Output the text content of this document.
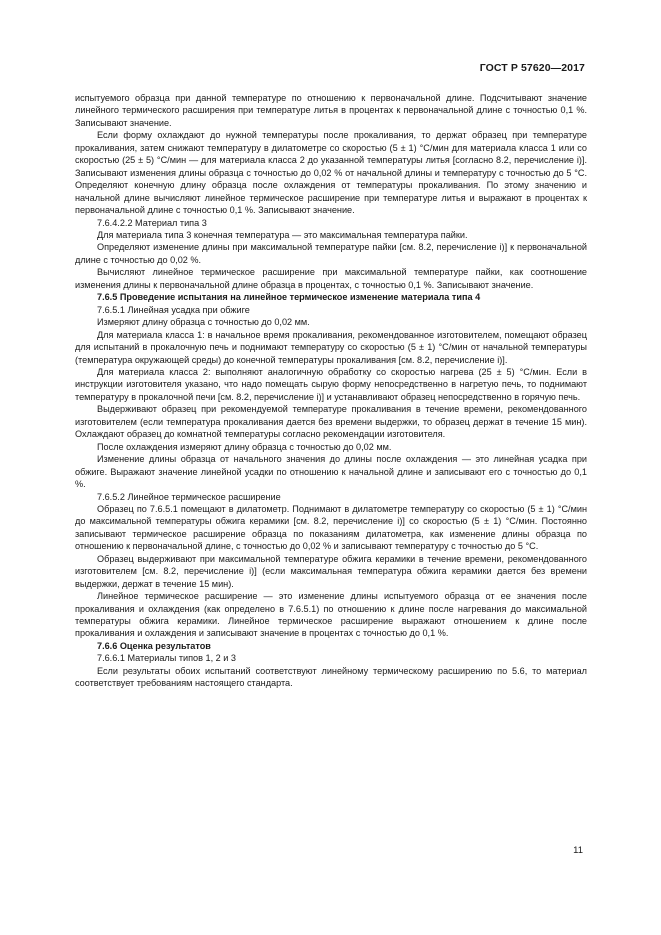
ГОСТ Р 57620—2017

испытуемого образца при данной температуре по отношению к первоначальной длине. Подсчитывают значение линейного термического расширения при температуре литья в процентах к первоначальной длине с точностью 0,1 %. Записывают значение.

Если форму охлаждают до нужной температуры после прокаливания, то держат образец при температуре прокаливания, затем снижают температуру в дилатометре со скоростью (5 ± 1) °С/мин для материала класса 1 или со скоростью (25 ± 5) °С/мин — для материала класса 2 до указанной температуры литья [согласно 8.2, перечисление i)]. Записывают изменения длины образца с точностью до 0,02 % от начальной длины и температуру с точностью до 5 °С. Определяют конечную длину образца после охлаждения от температуры прокаливания. По этому значению и начальной длине вычисляют линейное термическое расширение при температуре литья и выражают в процентах к первоначальной длине с точностью 0,1 %. Записывают значение.

7.6.4.2.2 Материал типа 3

Для материала типа 3 конечная температура — это максимальная температура пайки.

Определяют изменение длины при максимальной температуре пайки [см. 8.2, перечисление i)] к первоначальной длине с точностью до 0,02 %.

Вычисляют линейное термическое расширение при максимальной температуре пайки, как соотношение изменения длины к первоначальной длине образца в процентах, с точностью 0,1 %. Записывают значение.

7.6.5 Проведение испытания на линейное термическое изменение материала типа 4

7.6.5.1 Линейная усадка при обжиге

Измеряют длину образца с точностью до 0,02 мм.

Для материала класса 1: в начальное время прокаливания, рекомендованное изготовителем, помещают образец для испытаний в прокалочную печь и поднимают температуру со скоростью (5 ± 1) °С/мин от начальной температуры (температура окружающей среды) до конечной температуры прокаливания [см. 8.2, перечисление i)].

Для материала класса 2: выполняют аналогичную обработку со скоростью нагрева (25 ± 5) °С/мин. Если в инструкции изготовителя указано, что надо помещать сырую форму непосредственно в нагретую печь, то поднимают температуру в прокалочной печи [см. 8.2, перечисление i)] и устанавливают образец непосредственно в горячую печь.

Выдерживают образец при рекомендуемой температуре прокаливания в течение времени, рекомендованного изготовителем (если температура прокаливания дается без времени выдержки, то образец держат в течение 15 мин). Охлаждают образец до комнатной температуры согласно рекомендации изготовителя.

После охлаждения измеряют длину образца с точностью до 0,02 мм.

Изменение длины образца от начального значения до длины после охлаждения — это линейная усадка при обжиге. Выражают значение линейной усадки по отношению к начальной длине и записывают его с точностью до 0,1 %.

7.6.5.2 Линейное термическое расширение

Образец по 7.6.5.1 помещают в дилатометр. Поднимают в дилатометре температуру со скоростью (5 ± 1) °С/мин до максимальной температуры обжига керамики [см. 8.2, перечисление i)] со скоростью (5 ± 1) °С/мин. Постоянно записывают термическое расширение образца по показаниям дилатометра, как изменение длины образца по отношению к первоначальной длине, с точностью до 0,02 % и записывают температуру с точностью до 5 °С.

Образец выдерживают при максимальной температуре обжига керамики в течение времени, рекомендованного изготовителем [см. 8.2, перечисление i)] (если максимальная температура обжига керамики дается без времени выдержки, держат в течение 15 мин).

Линейное термическое расширение — это изменение длины испытуемого образца от ее значения после прокаливания и охлаждения (как определено в 7.6.5.1) по отношению к длине после нагревания до максимальной температуры обжига керамики. Линейное термическое расширение выражают отношением к длине после прокаливания и охлаждения и записывают значение в процентах с точностью до 0,1 %.

7.6.6 Оценка результатов

7.6.6.1 Материалы типов 1, 2 и 3

Если результаты обоих испытаний соответствуют линейному термическому расширению по 5.6, то материал соответствует требованиям настоящего стандарта.

11
